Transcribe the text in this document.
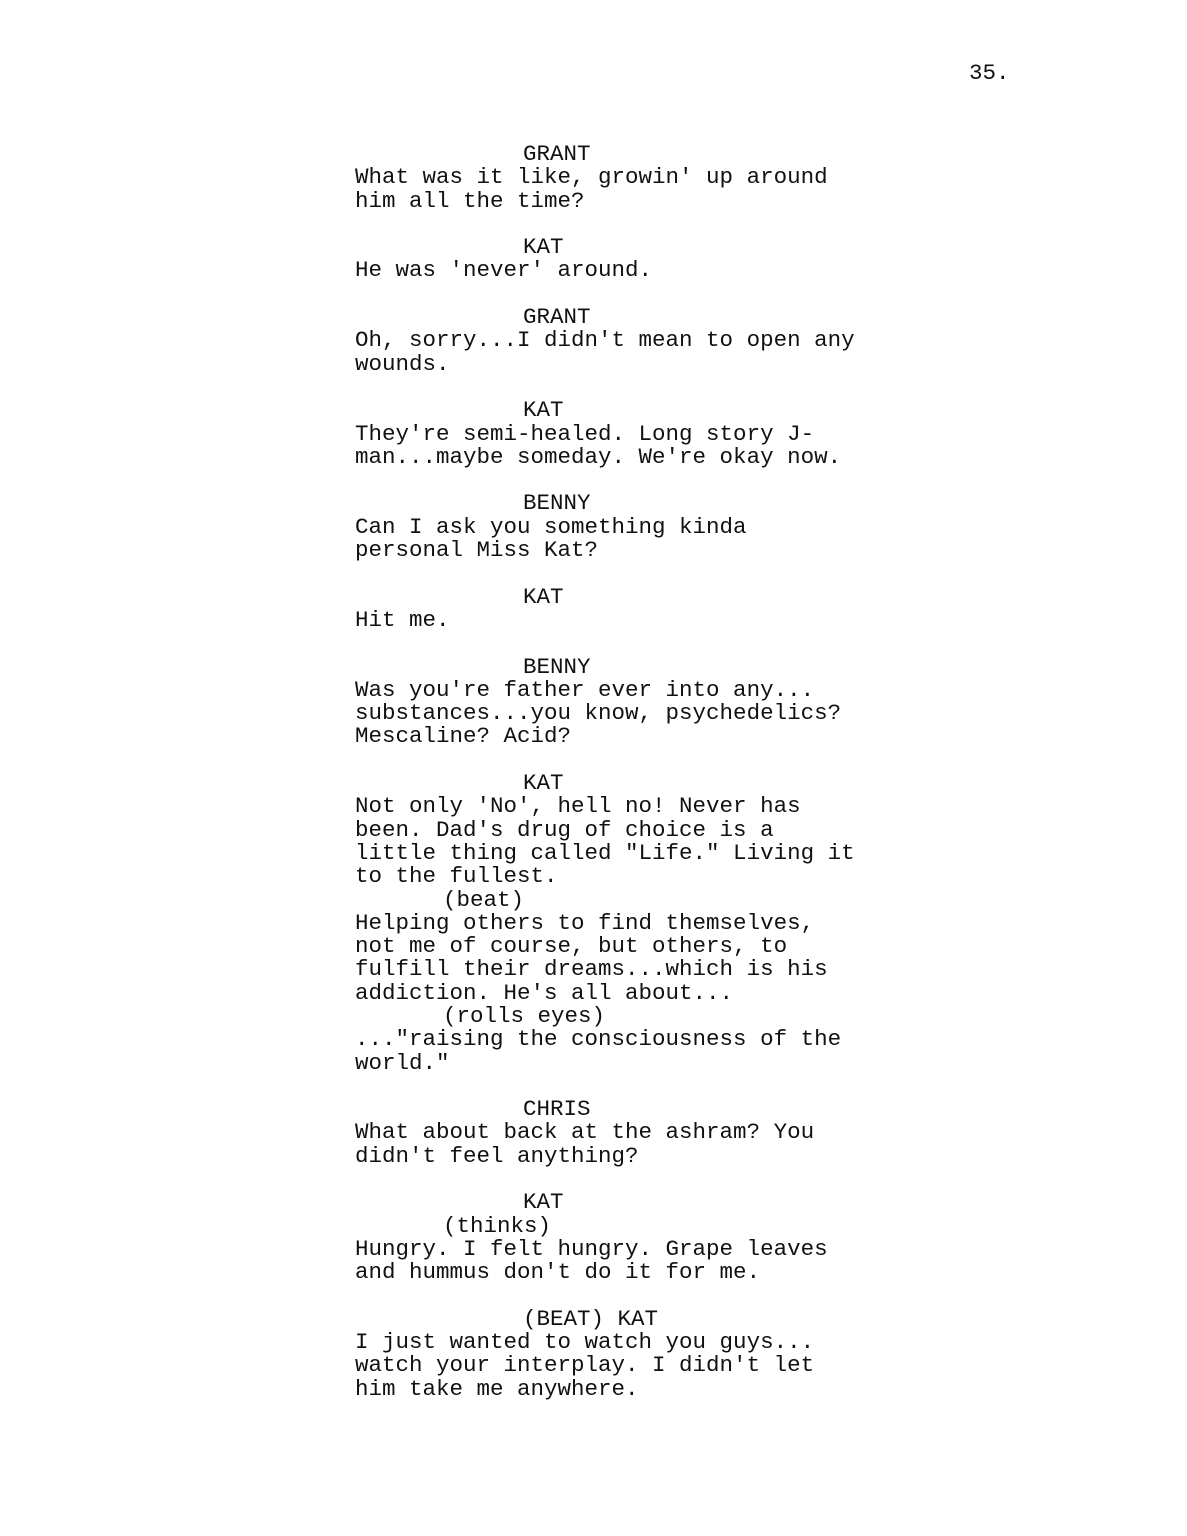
35.
GRANT
What was it like, growin' up around
him all the time?
KAT
He was 'never' around.
GRANT
Oh, sorry...I didn't mean to open any
wounds.
KAT
They're semi-healed. Long story J-
man...maybe someday. We're okay now.
BENNY
Can I ask you something kinda
personal Miss Kat?
KAT
Hit me.
BENNY
Was you're father ever into any...
substances...you know, psychedelics?
Mescaline? Acid?
KAT
Not only 'No', hell no! Never has
been. Dad's drug of choice is a
little thing called "Life." Living it
to the fullest.
(beat)
Helping others to find themselves,
not me of course, but others, to
fulfill their dreams...which is his
addiction. He's all about...
(rolls eyes)
..."raising the consciousness of the
world."
CHRIS
What about back at the ashram? You
didn't feel anything?
KAT
(thinks)
Hungry. I felt hungry. Grape leaves
and hummus don't do it for me.
(BEAT) KAT
I just wanted to watch you guys...
watch your interplay. I didn't let
him take me anywhere.
